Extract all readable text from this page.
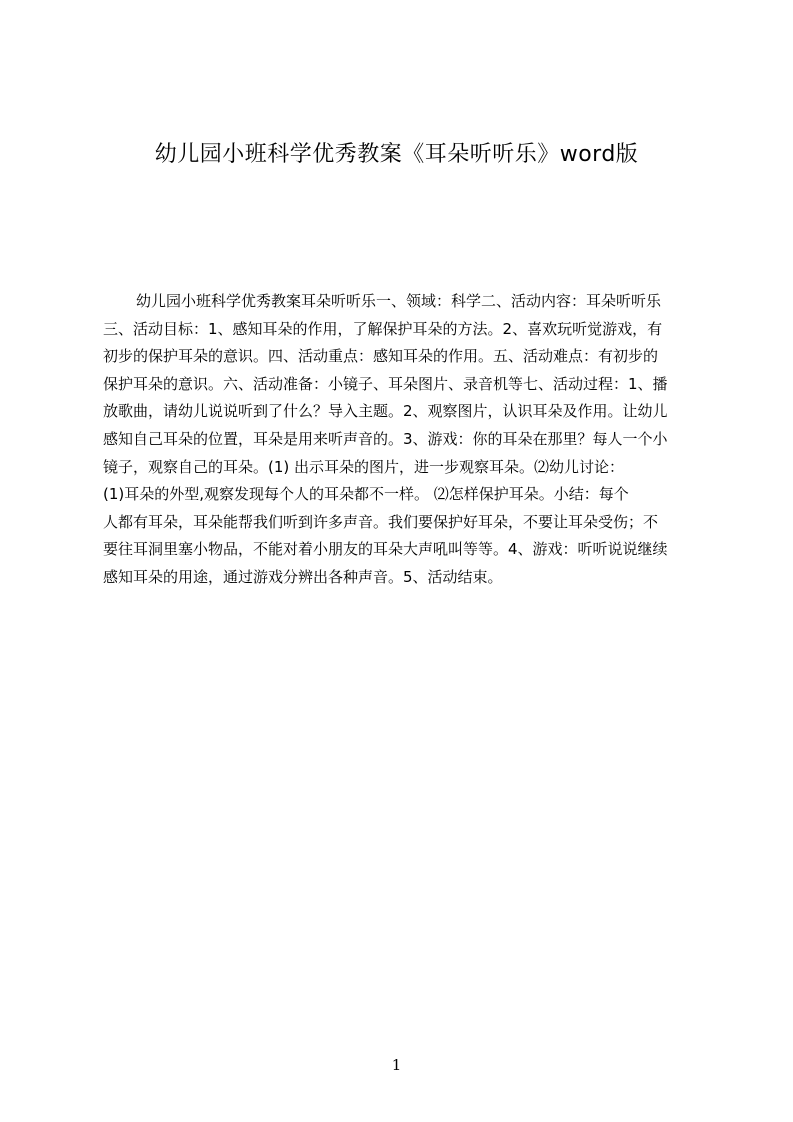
幼儿园小班科学优秀教案《耳朵听听乐》word版
幼儿园小班科学优秀教案耳朵听听乐一、领域：科学二、活动内容：耳朵听听乐
三、活动目标：1、感知耳朵的作用，了解保护耳朵的方法。2、喜欢玩听觉游戏，有
初步的保护耳朵的意识。四、活动重点：感知耳朵的作用。五、活动难点：有初步的
保护耳朵的意识。六、活动准备：小镜子、耳朵图片、录音机等七、活动过程：1、播
放歌曲，请幼儿说说听到了什么？导入主题。2、观察图片，认识耳朵及作用。让幼儿
感知自己耳朵的位置，耳朵是用来听声音的。3、游戏：你的耳朵在那里？每人一个小
镜子，观察自己的耳朵。(1) 出示耳朵的图片，进一步观察耳朵。⑵幼儿讨论：
(1)耳朵的外型,观察发现每个人的耳朵都不一样。 ⑵怎样保护耳朵。小结：每个
人都有耳朵，耳朵能帮我们听到许多声音。我们要保护好耳朵，不要让耳朵受伤；不
要往耳洞里塞小物品，不能对着小朋友的耳朵大声吼叫等等。4、游戏：听听说说继续
感知耳朵的用途，通过游戏分辨出各种声音。5、活动结束。
1
